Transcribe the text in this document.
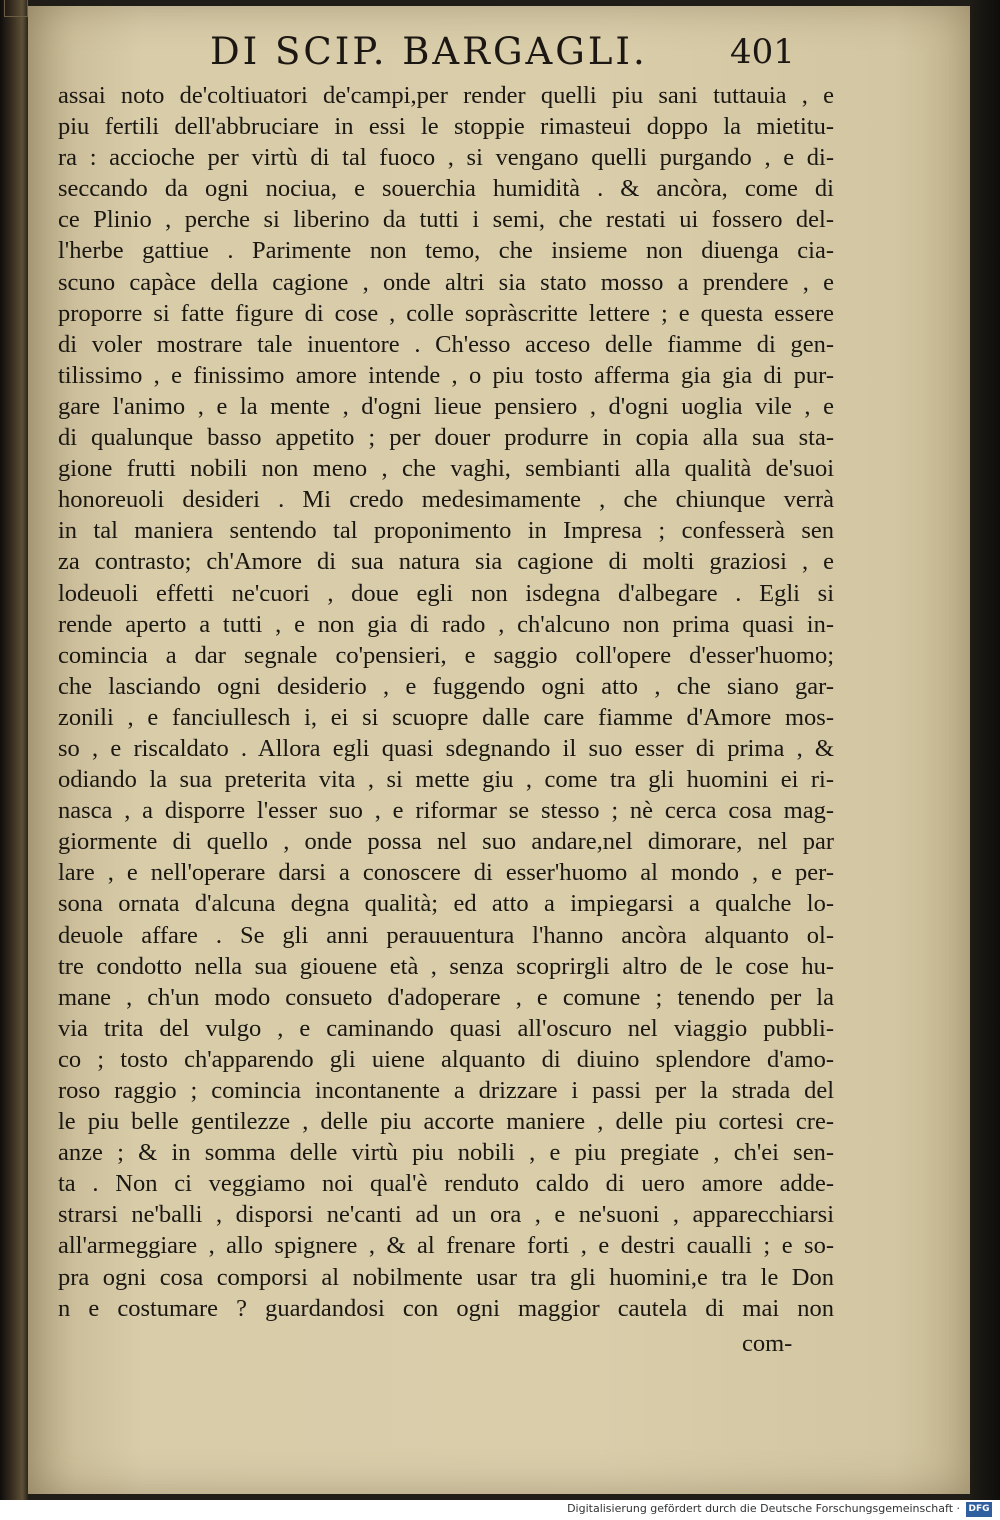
DI SCIP. BARGAGLI. 401
assai noto de'coltiuatori de'campi,per render quelli piu sani tuttauia , e
piu fertili dell'abbruciare in essi le stoppie rimasteui doppo la mietitu-
ra : accioche per virtù di tal fuoco , si vengano quelli purgando , e di-
seccando da ogni nociua, e souerchia humidità . & ancòra, come di
ce Plinio , perche si liberino da tutti i semi, che restati ui fossero del-
l'herbe gattiue . Parimente non temo, che insieme non diuenga cia-
scuno capàce della cagione , onde altri sia stato mosso a prendere , e
proporre si fatte figure di cose , colle sopràscritte lettere ; e questa essere
di voler mostrare tale inuentore . Ch'esso acceso delle fiamme di gen-
tilissimo , e finissimo amore intende , o piu tosto afferma gia gia di pur-
gare l'animo , e la mente , d'ogni lieue pensiero , d'ogni uoglia vile , e
di qualunque basso appetito ; per douer produrre in copia alla sua sta-
gione frutti nobili non meno , che vaghi, sembianti alla qualità de'suoi
honoreuoli desideri . Mi credo medesimamente , che chiunque verrà
in tal maniera sentendo tal proponimento in Impresa ; confesserà sen
za contrasto; ch'Amore di sua natura sia cagione di molti graziosi , e
lodeuoli effetti ne'cuori , doue egli non isdegna d'albegare . Egli si
rende aperto a tutti , e non gia di rado , ch'alcuno non prima quasi in-
comincia a dar segnale co'pensieri, e saggio coll'opere d'esser'huomo;
che lasciando ogni desiderio , e fuggendo ogni atto , che siano gar-
zonili , e fanciullesch i, ei si scuopre dalle care fiamme d'Amore mos-
so , e riscaldato . Allora egli quasi sdegnando il suo esser di prima , &
odiando la sua preterita vita , si mette giu , come tra gli huomini ei ri-
nasca , a disporre l'esser suo , e riformar se stesso ; nè cerca cosa mag-
giormente di quello , onde possa nel suo andare,nel dimorare, nel par
lare , e nell'operare darsi a conoscere di esser'huomo al mondo , e per-
sona ornata d'alcuna degna qualità; ed atto a impiegarsi a qualche lo-
deuole affare . Se gli anni perauuentura l'hanno ancòra alquanto ol-
tre condotto nella sua giouene età , senza scoprirgli altro de le cose hu-
mane , ch'un modo consueto d'adoperare , e comune ; tenendo per la
via trita del vulgo , e caminando quasi all'oscuro nel viaggio pubbli-
co ; tosto ch'apparendo gli uiene alquanto di diuino splendore d'amo-
roso raggio ; comincia incontanente a drizzare i passi per la strada del
le piu belle gentilezze , delle piu accorte maniere , delle piu cortesi cre-
anze ; & in somma delle virtù piu nobili , e piu pregiate , ch'ei sen-
ta . Non ci veggiamo noi qual'è renduto caldo di uero amore adde-
strarsi ne'balli , disporsi ne'canti ad un ora , e ne'suoni , apparecchiarsi
all'armeggiare , allo spignere , & al frenare forti , e destri caualli ; e so-
pra ogni cosa comporsi al nobilmente usar tra gli huomini,e tra le Don
n e costumare ? guardandosi con ogni maggior cautela di mai non
com-
Digitalisierung gefördert durch die Deutsche Forschungsgemeinschaft · DFG
